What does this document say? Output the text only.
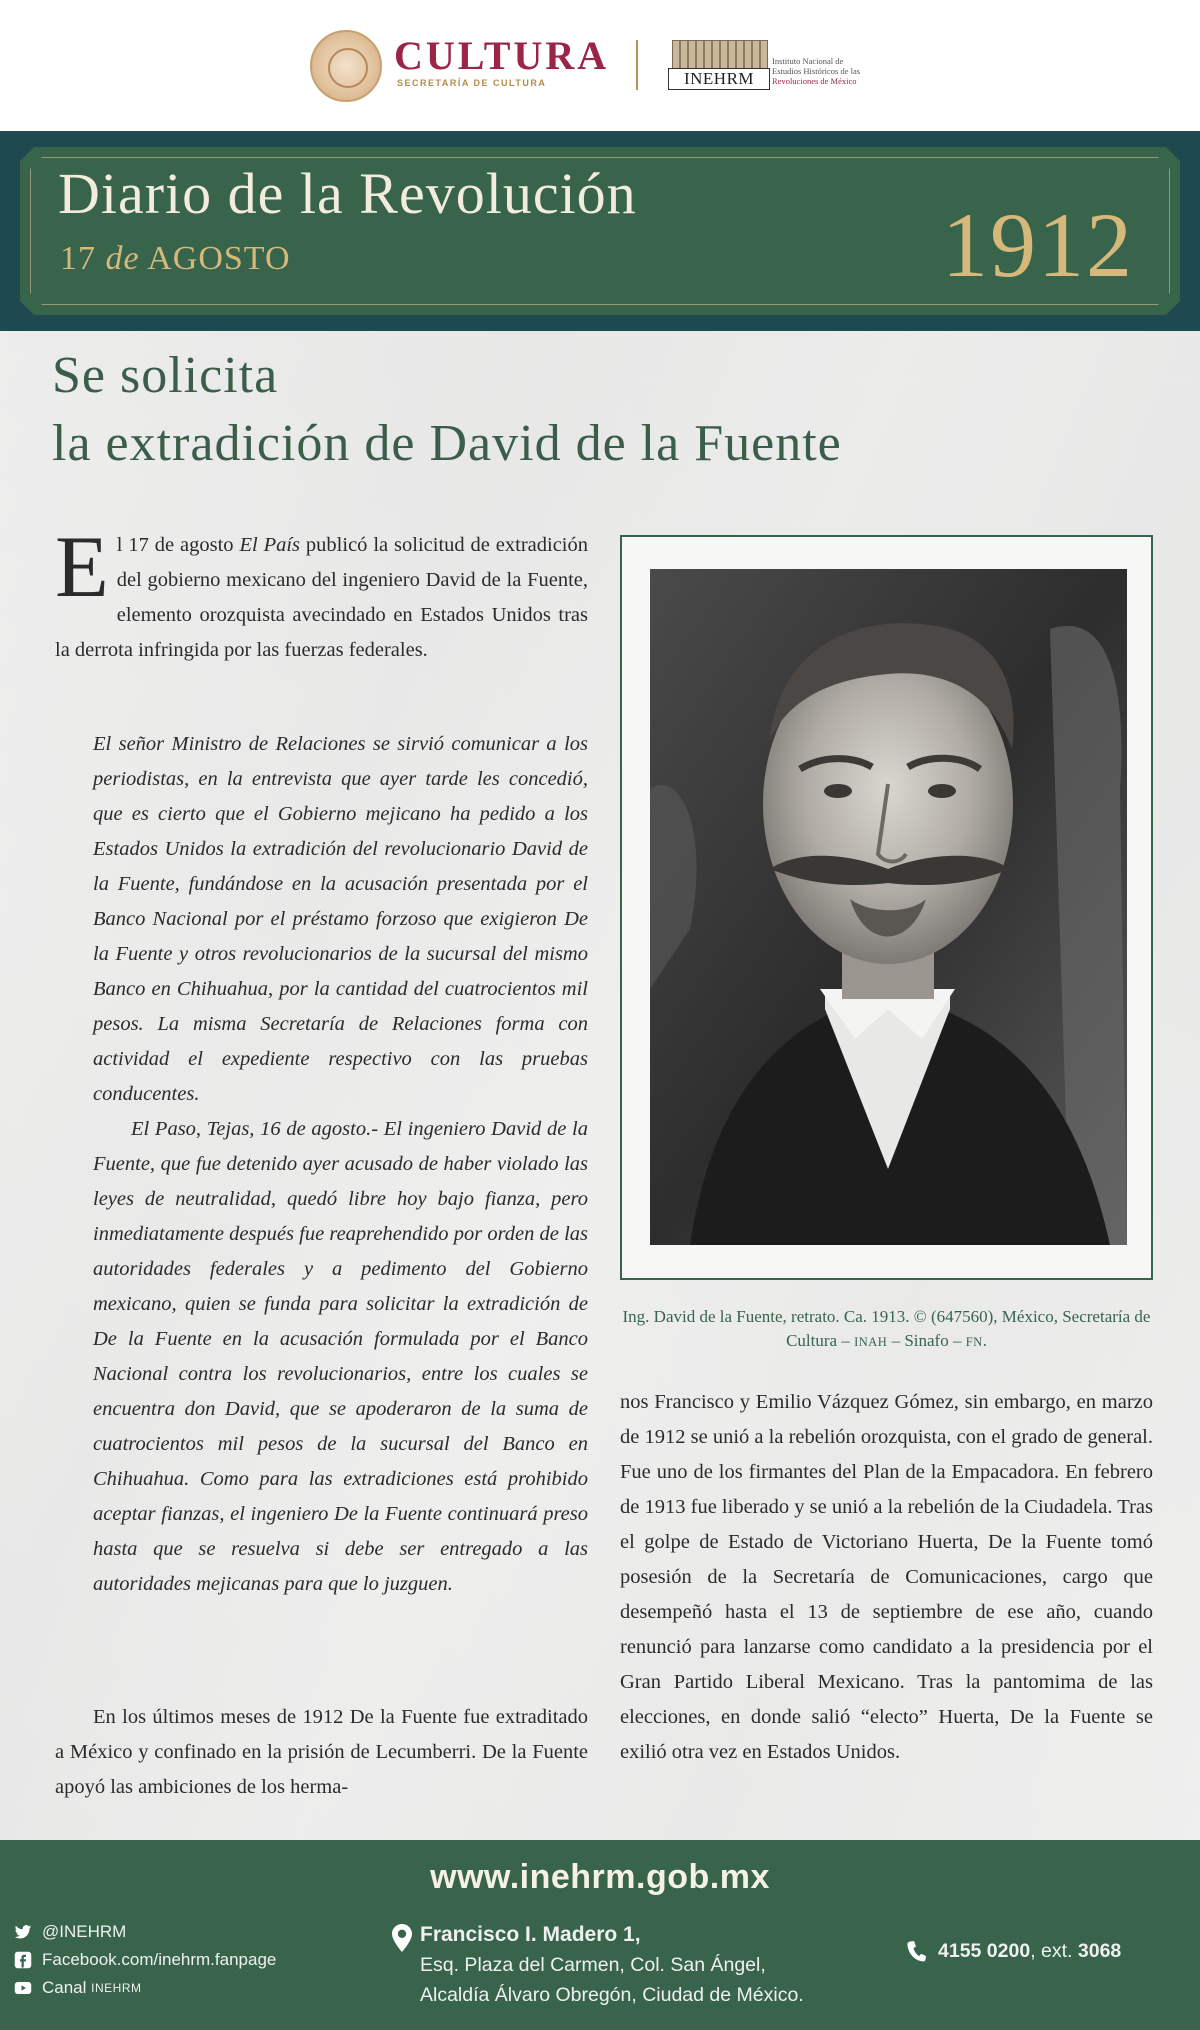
CULTURA
SECRETARÍA DE CULTURA	INEHRM
Instituto Nacional de
Estudios Históricos de las
Revoluciones de México
Diario de la Revolución
17 de AGOSTO	1912
Se solicita
la extradición de David de la Fuente
El 17 de agosto El País publicó la solicitud de extradición del gobierno mexicano del ingeniero David de la Fuente, elemento orozquista avecindado en Estados Unidos tras la derrota infringida por las fuerzas federales.

El señor Ministro de Relaciones se sirvió comunicar a los periodistas, en la entrevista que ayer tarde les concedió, que es cierto que el Gobierno mejicano ha pedido a los Estados Unidos la extradición del revolucionario David de la Fuente, fundándose en la acusación presentada por el Banco Nacional por el préstamo forzoso que exigieron De la Fuente y otros revolucionarios de la sucursal del mismo Banco en Chihuahua, por la cantidad del cuatrocientos mil pesos. La misma Secretaría de Relaciones forma con actividad el expediente respectivo con las pruebas conducentes.

El Paso, Tejas, 16 de agosto.- El ingeniero David de la Fuente, que fue detenido ayer acusado de haber violado las leyes de neutralidad, quedó libre hoy bajo fianza, pero inmediatamente después fue reaprehendido por orden de las autoridades federales y a pedimento del Gobierno mexicano, quien se funda para solicitar la extradición de De la Fuente en la acusación formulada por el Banco Nacional contra los revolucionarios, entre los cuales se encuentra don David, que se apoderaron de la suma de cuatrocientos mil pesos de la sucursal del Banco en Chihuahua. Como para las extradiciones está prohibido aceptar fianzas, el ingeniero De la Fuente continuará preso hasta que se resuelva si debe ser entregado a las autoridades mejicanas para que lo juzguen.

En los últimos meses de 1912 De la Fuente fue extraditado a México y confinado en la prisión de Lecumberri. De la Fuente apoyó las ambiciones de los herma-

Ing. David de la Fuente, retrato. Ca. 1913. © (647560), México, Secretaría de Cultura – INAH – Sinafo – FN.

nos Francisco y Emilio Vázquez Gómez, sin embargo, en marzo de 1912 se unió a la rebelión orozquista, con el grado de general. Fue uno de los firmantes del Plan de la Empacadora. En febrero de 1913 fue liberado y se unió a la rebelión de la Ciudadela. Tras el golpe de Estado de Victoriano Huerta, De la Fuente tomó posesión de la Secretaría de Comunicaciones, cargo que desempeñó hasta el 13 de septiembre de ese año, cuando renunció para lanzarse como candidato a la presidencia por el Gran Partido Liberal Mexicano. Tras la pantomima de las elecciones, en donde salió “electo” Huerta, De la Fuente se exilió otra vez en Estados Unidos.

www.inehrm.gob.mx
@INEHRM
Facebook.com/inehrm.fanpage
Canal
INEHRM
Francisco I. Madero 1,
Esq. Plaza del Carmen, Col. San Ángel,
Alcaldía Álvaro Obregón, Ciudad de México.
4155 0200, ext. 3068
